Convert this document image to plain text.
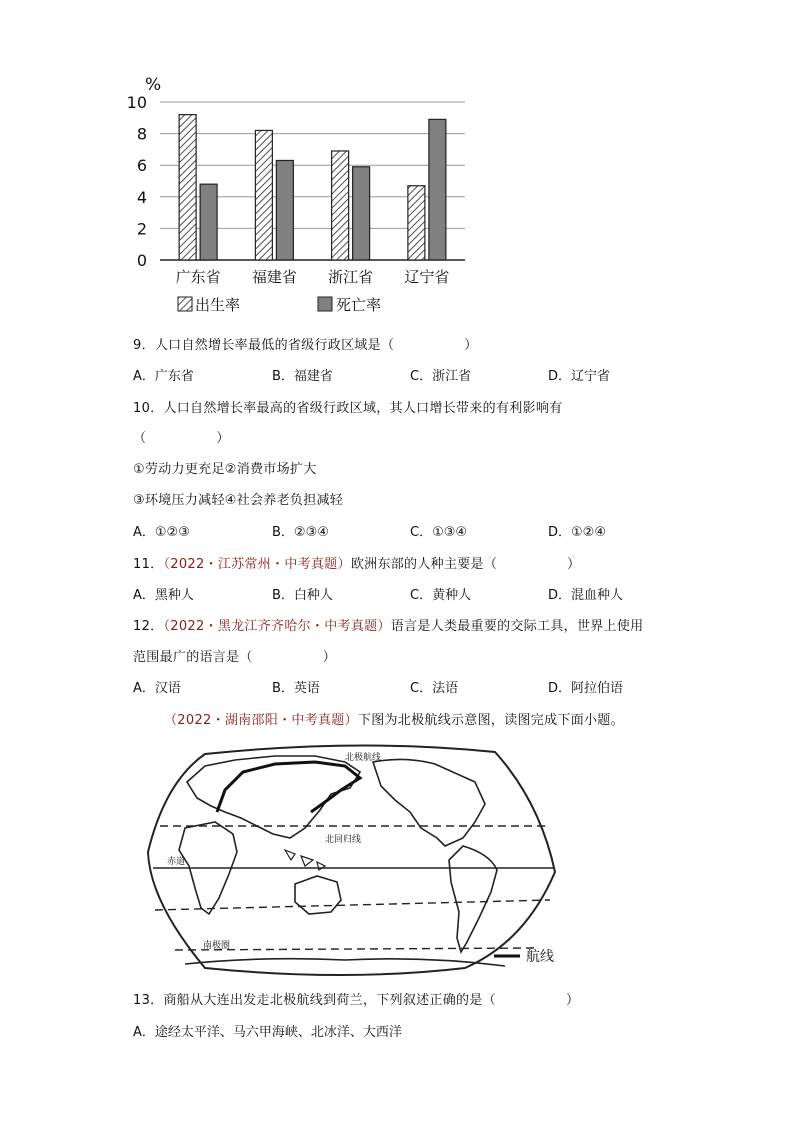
%
10
8
6
4
2
0
广东省 福建省 浙江省 辽宁省
出生率	死亡率
9．人口自然增长率最低的省级行政区域是（	）
A．广东省	B．福建省	C．浙江省	D．辽宁省
10．人口自然增长率最高的省级行政区域，其人口增长带来的有利影响有
（	）
①劳动力更充足②消费市场扩大
③环境压力减轻④社会养老负担减轻
A．①②③	B．②③④	C．①③④	D．①②④
11．（2022・江苏常州・中考真题）欧洲东部的人种主要是（	）
A．黑种人	B．白种人	C．黄种人	D．混血种人
12．（2022・黑龙江齐齐哈尔・中考真题）语言是人类最重要的交际工具，世界上使用
范围最广的语言是（	）
A．汉语	B．英语	C．法语	D．阿拉伯语
（2022・湖南邵阳・中考真题）下图为北极航线示意图，读图完成下面小题。
北极航线
北回归线
赤道
南极圈
航线
13．商船从大连出发走北极航线到荷兰，下列叙述正确的是（	）
A．途经太平洋、马六甲海峡、北冰洋、大西洋
